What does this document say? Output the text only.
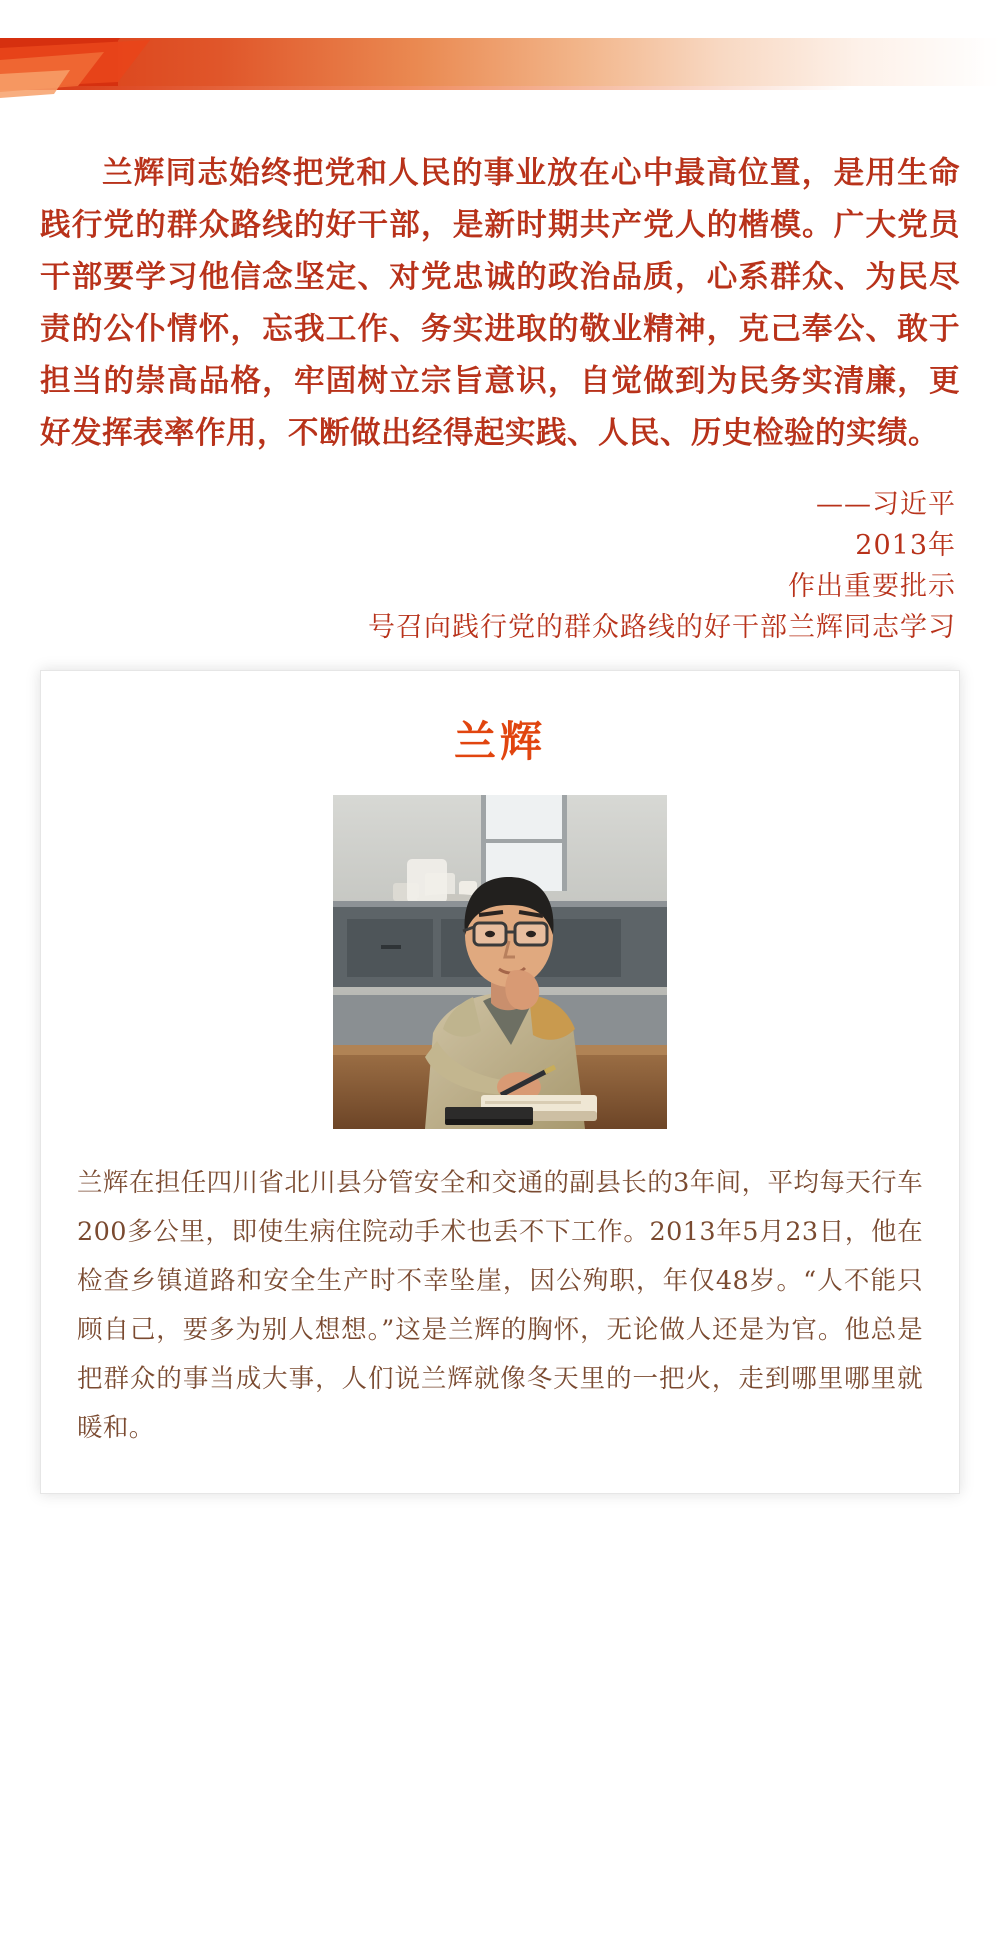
兰辉同志始终把党和人民的事业放在心中最高位置，是用生命践行党的群众路线的好干部，是新时期共产党人的楷模。广大党员干部要学习他信念坚定、对党忠诚的政治品质，心系群众、为民尽责的公仆情怀，忘我工作、务实进取的敬业精神，克己奉公、敢于担当的崇高品格，牢固树立宗旨意识，自觉做到为民务实清廉，更好发挥表率作用，不断做出经得起实践、人民、历史检验的实绩。
——习近平
2013年
作出重要批示
号召向践行党的群众路线的好干部兰辉同志学习
兰辉
兰辉在担任四川省北川县分管安全和交通的副县长的3年间，平均每天行车200多公里，即使生病住院动手术也丢不下工作。2013年5月23日，他在检查乡镇道路和安全生产时不幸坠崖，因公殉职，年仅48岁。“人不能只顾自己，要多为别人想想。”这是兰辉的胸怀，无论做人还是为官。他总是把群众的事当成大事，人们说兰辉就像冬天里的一把火，走到哪里哪里就暖和。
